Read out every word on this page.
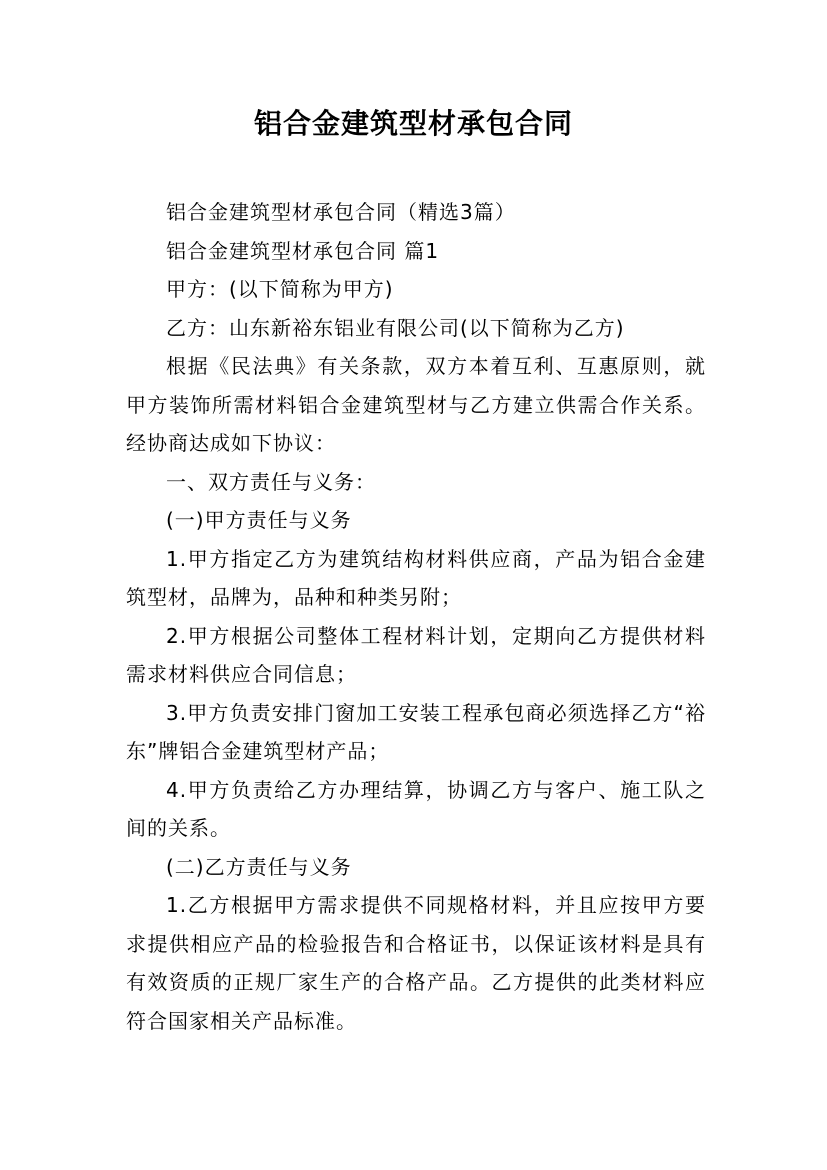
铝合金建筑型材承包合同

铝合金建筑型材承包合同（精选3篇）

铝合金建筑型材承包合同 篇1

甲方：(以下简称为甲方)

乙方：山东新裕东铝业有限公司(以下简称为乙方)

根据《民法典》有关条款，双方本着互利、互惠原则，就甲方装饰所需材料铝合金建筑型材与乙方建立供需合作关系。经协商达成如下协议：

一、双方责任与义务：

(一)甲方责任与义务

1.甲方指定乙方为建筑结构材料供应商，产品为铝合金建筑型材，品牌为，品种和种类另附；

2.甲方根据公司整体工程材料计划，定期向乙方提供材料需求材料供应合同信息；

3.甲方负责安排门窗加工安装工程承包商必须选择乙方“裕东”牌铝合金建筑型材产品；

4.甲方负责给乙方办理结算，协调乙方与客户、施工队之间的关系。

(二)乙方责任与义务

1.乙方根据甲方需求提供不同规格材料，并且应按甲方要求提供相应产品的检验报告和合格证书，以保证该材料是具有有效资质的正规厂家生产的合格产品。乙方提供的此类材料应符合国家相关产品标准。
